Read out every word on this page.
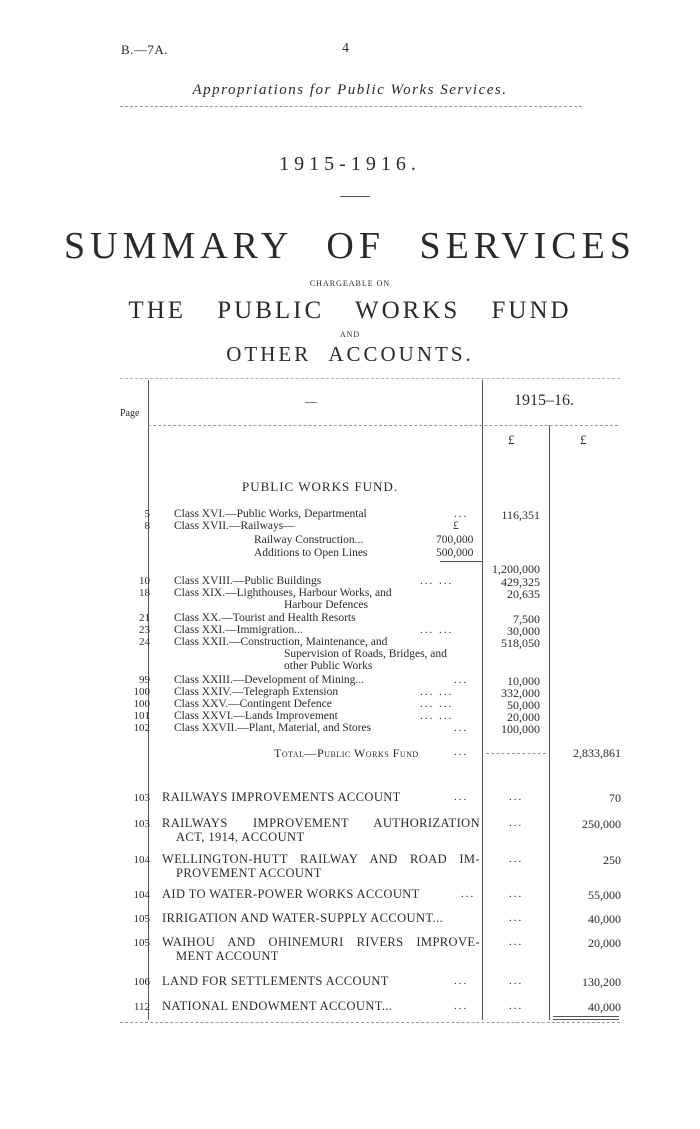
B.—7A.	4
Appropriations for Public Works Services.
1915-1916.
SUMMARY OF SERVICES
CHARGEABLE ON
THE PUBLIC WORKS FUND
AND
OTHER ACCOUNTS.
Page
—	1915–16.
£	£
PUBLIC WORKS FUND.
5 Class XVI.—Public Works, Departmental	...	116,351
8 Class XVII.—Railways—	£
Railway Construction...	700,000
Additions to Open Lines	500,000
1,200,000
10 Class XVIII.—Public Buildings	... ...	429,325
18 Class XIX.—Lighthouses, Harbour Works, and
Harbour Defences
20,635
21 Class XX.—Tourist and Health Resorts	7,500
23 Class XXI.—Immigration...	... ...	30,000
24 Class XXII.—Construction, Maintenance, and
Supervision of Roads, Bridges, and
other Public Works
518,050
99 Class XXIII.—Development of Mining...	...	10,000
100 Class XXIV.—Telegraph Extension	... ...	332,000
100 Class XXV.—Contingent Defence	... ...	50,000
101 Class XXVI.—Lands Improvement	... ...	20,000
102 Class XXVII.—Plant, Material, and Stores	...	100,000
Total—Public Works Fund	...	2,833,861
103 RAILWAYS IMPROVEMENTS ACCOUNT	...	...	70
103 RAILWAYS IMPROVEMENT AUTHORIZATION
ACT, 1914, ACCOUNT
...	250,000
104 WELLINGTON-HUTT RAILWAY AND ROAD IM-
PROVEMENT ACCOUNT
...	250
104 AID TO WATER-POWER WORKS ACCOUNT	...	...	55,000
105 IRRIGATION AND WATER-SUPPLY ACCOUNT...	...	40,000
105 WAIHOU AND OHINEMURI RIVERS IMPROVE-
MENT ACCOUNT
...	20,000
106 LAND FOR SETTLEMENTS ACCOUNT	...	...	130,200
112 NATIONAL ENDOWMENT ACCOUNT...	...	...	40,000
